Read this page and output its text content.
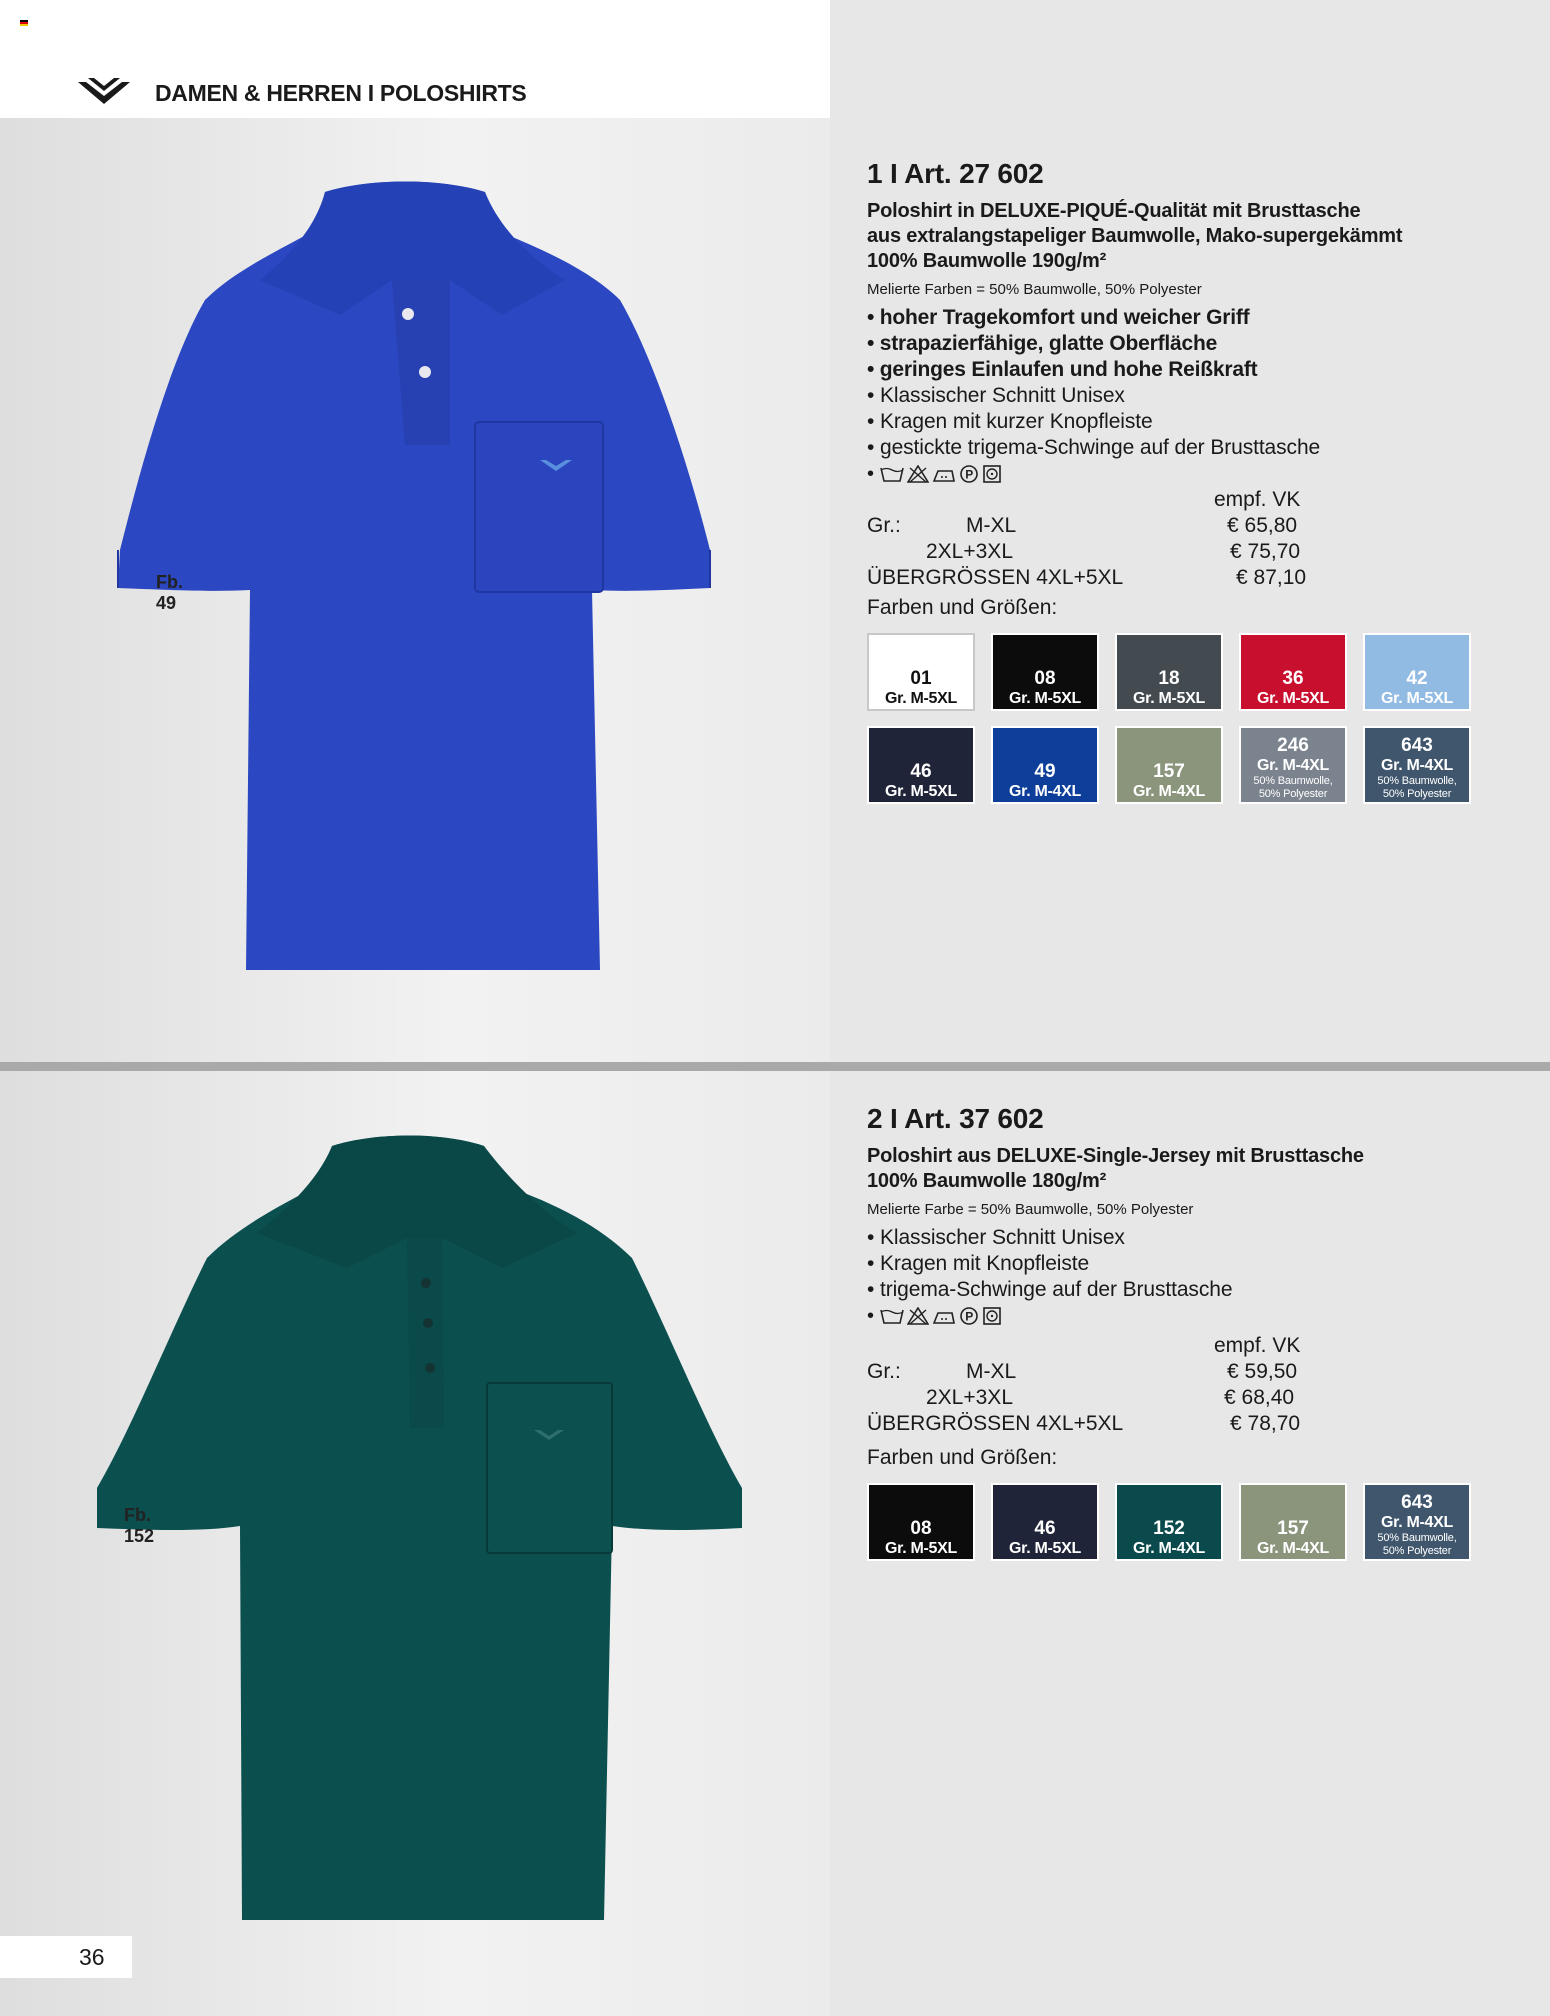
DAMEN & HERREN I POLOSHIRTS
Fb.
49
Fb.
152
36
1 I Art. 27 602
Poloshirt in DELUXE-PIQUÉ-Qualität mit Brusttasche
aus extralangstapeliger Baumwolle, Mako-supergekämmt
100% Baumwolle 190g/m²
Melierte Farben = 50% Baumwolle, 50% Polyester
• hoher Tragekomfort und weicher Griff
• strapazierfähige, glatte Oberfläche
• geringes Einlaufen und hohe Reißkraft
• Klassischer Schnitt Unisex
• Kragen mit kurzer Knopfleiste
• gestickte trigema-Schwinge auf der Brusttasche
•	P
empf. VK
Gr.:	M-XL	€ 65,80
2XL+3XL	€ 75,70
ÜBERGRÖSSEN 4XL+5XL	€ 87,10
Farben und Größen:
01
Gr. M-5XL
08
Gr. M-5XL
18
Gr. M-5XL
36
Gr. M-5XL
42
Gr. M-5XL
46
Gr. M-5XL
49
Gr. M-4XL
157
Gr. M-4XL
246
Gr. M-4XL
50% Baumwolle,
50% Polyester
643
Gr. M-4XL
50% Baumwolle,
50% Polyester
2 I Art. 37 602
Poloshirt aus DELUXE-Single-Jersey mit Brusttasche
100% Baumwolle 180g/m²
Melierte Farbe = 50% Baumwolle, 50% Polyester
• Klassischer Schnitt Unisex
• Kragen mit Knopfleiste
• trigema-Schwinge auf der Brusttasche
•	P
empf. VK
Gr.:	M-XL	€ 59,50
2XL+3XL	€ 68,40
ÜBERGRÖSSEN 4XL+5XL	€ 78,70
Farben und Größen:
08
Gr. M-5XL
46
Gr. M-5XL
152
Gr. M-4XL
157
Gr. M-4XL
643
Gr. M-4XL
50% Baumwolle,
50% Polyester
